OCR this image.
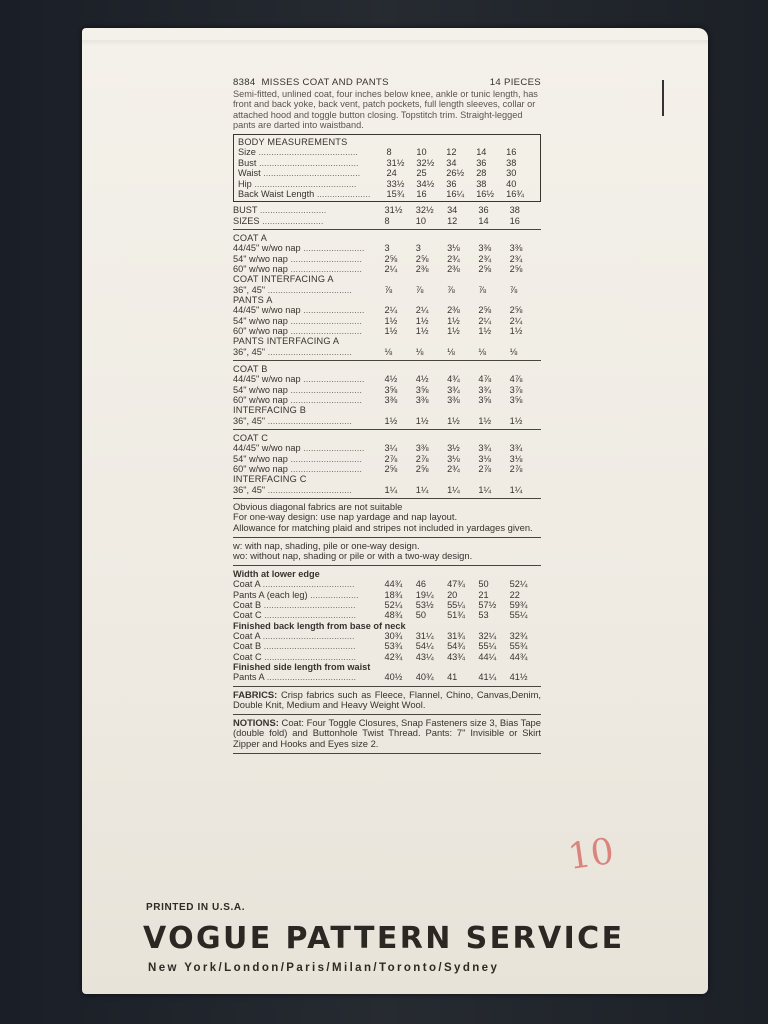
8384 MISSES COAT AND PANTS	14 PIECES
Semi-fitted, unlined coat, four inches below knee, ankle or tunic length, has front and back yoke, back vent, patch pockets, full length sleeves, collar or attached hood and toggle button closing. Topstitch trim. Straight-legged pants are darted into waistband.
BODY MEASUREMENTS
Size .......................................	8	10	12	14	16
Bust .......................................	31½	32½	34	36	38
Waist ......................................	24	25	26½	28	30
Hip ........................................	33½	34½	36	38	40
Back Waist Length .....................	15¾	16	16¼	16½	16¾
BUST ..........................	31½	32½	34	36	38
SIZES ........................	8	10	12	14	16
COAT A
44/45" w/wo nap ........................	3	3	3⅛	3⅜	3⅜
54" w/wo nap ............................	2⅝	2⅝	2¾	2¾	2¾
60" w/wo nap ............................	2¼	2⅜	2⅜	2⅝	2⅝
COAT INTERFACING A
36", 45" .................................	⅞	⅞	⅞	⅞	⅞
PANTS A
44/45" w/wo nap ........................	2¼	2¼	2⅜	2⅝	2⅝
54" w/wo nap ............................	1½	1½	1½	2¼	2¼
60" w/wo nap ............................	1½	1½	1½	1½	1½
PANTS INTERFACING A
36", 45" .................................	⅛	⅛	⅛	⅛	⅛
COAT B
44/45" w/wo nap ........................	4½	4½	4¾	4⅞	4⅞
54" w/wo nap ............................	3⅝	3⅝	3¾	3¾	3⅞
60" w/wo nap ............................	3⅜	3⅜	3⅜	3⅝	3⅝
INTERFACING B
36", 45" .................................	1½	1½	1½	1½	1½
COAT C
44/45" w/wo nap ........................	3¼	3⅜	3½	3¾	3¾
54" w/wo nap ............................	2⅞	2⅞	3⅛	3⅛	3⅛
60" w/wo nap ............................	2⅝	2⅝	2¾	2⅞	2⅞
INTERFACING C
36", 45" .................................	1¼	1¼	1¼	1¼	1¼
Obvious diagonal fabrics are not suitable
For one-way design: use nap yardage and nap layout.
Allowance for matching plaid and stripes not included in yardages given.
w: with nap, shading, pile or one-way design.
wo: without nap, shading or pile or with a two-way design.
Width at lower edge
Coat A ....................................	44¾	46	47¾	50	52¼
Pants A (each leg) ...................	18¾	19¼	20	21	22
Coat B ....................................	52¼	53½	55¼	57½	59¾
Coat C ....................................	48¾	50	51¾	53	55¼
Finished back length from base of neck
Coat A ....................................	30¾	31¼	31¾	32¼	32¾
Coat B ....................................	53¾	54¼	54¾	55¼	55¾
Coat C ....................................	42¾	43¼	43¾	44¼	44¾
Finished side length from waist
Pants A ...................................	40½	40¾	41	41¼	41½
FABRICS: Crisp fabrics such as Fleece, Flannel, Chino, Canvas,Denim, Double Knit, Medium and Heavy Weight Wool.
NOTIONS: Coat: Four Toggle Closures, Snap Fasteners size 3, Bias Tape (double fold) and Buttonhole Twist Thread. Pants: 7" Invisible or Skirt Zipper and Hooks and Eyes size 2.
10
PRINTED IN U.S.A.
VOGUE PATTERN SERVICE
New York/London/Paris/Milan/Toronto/Sydney
